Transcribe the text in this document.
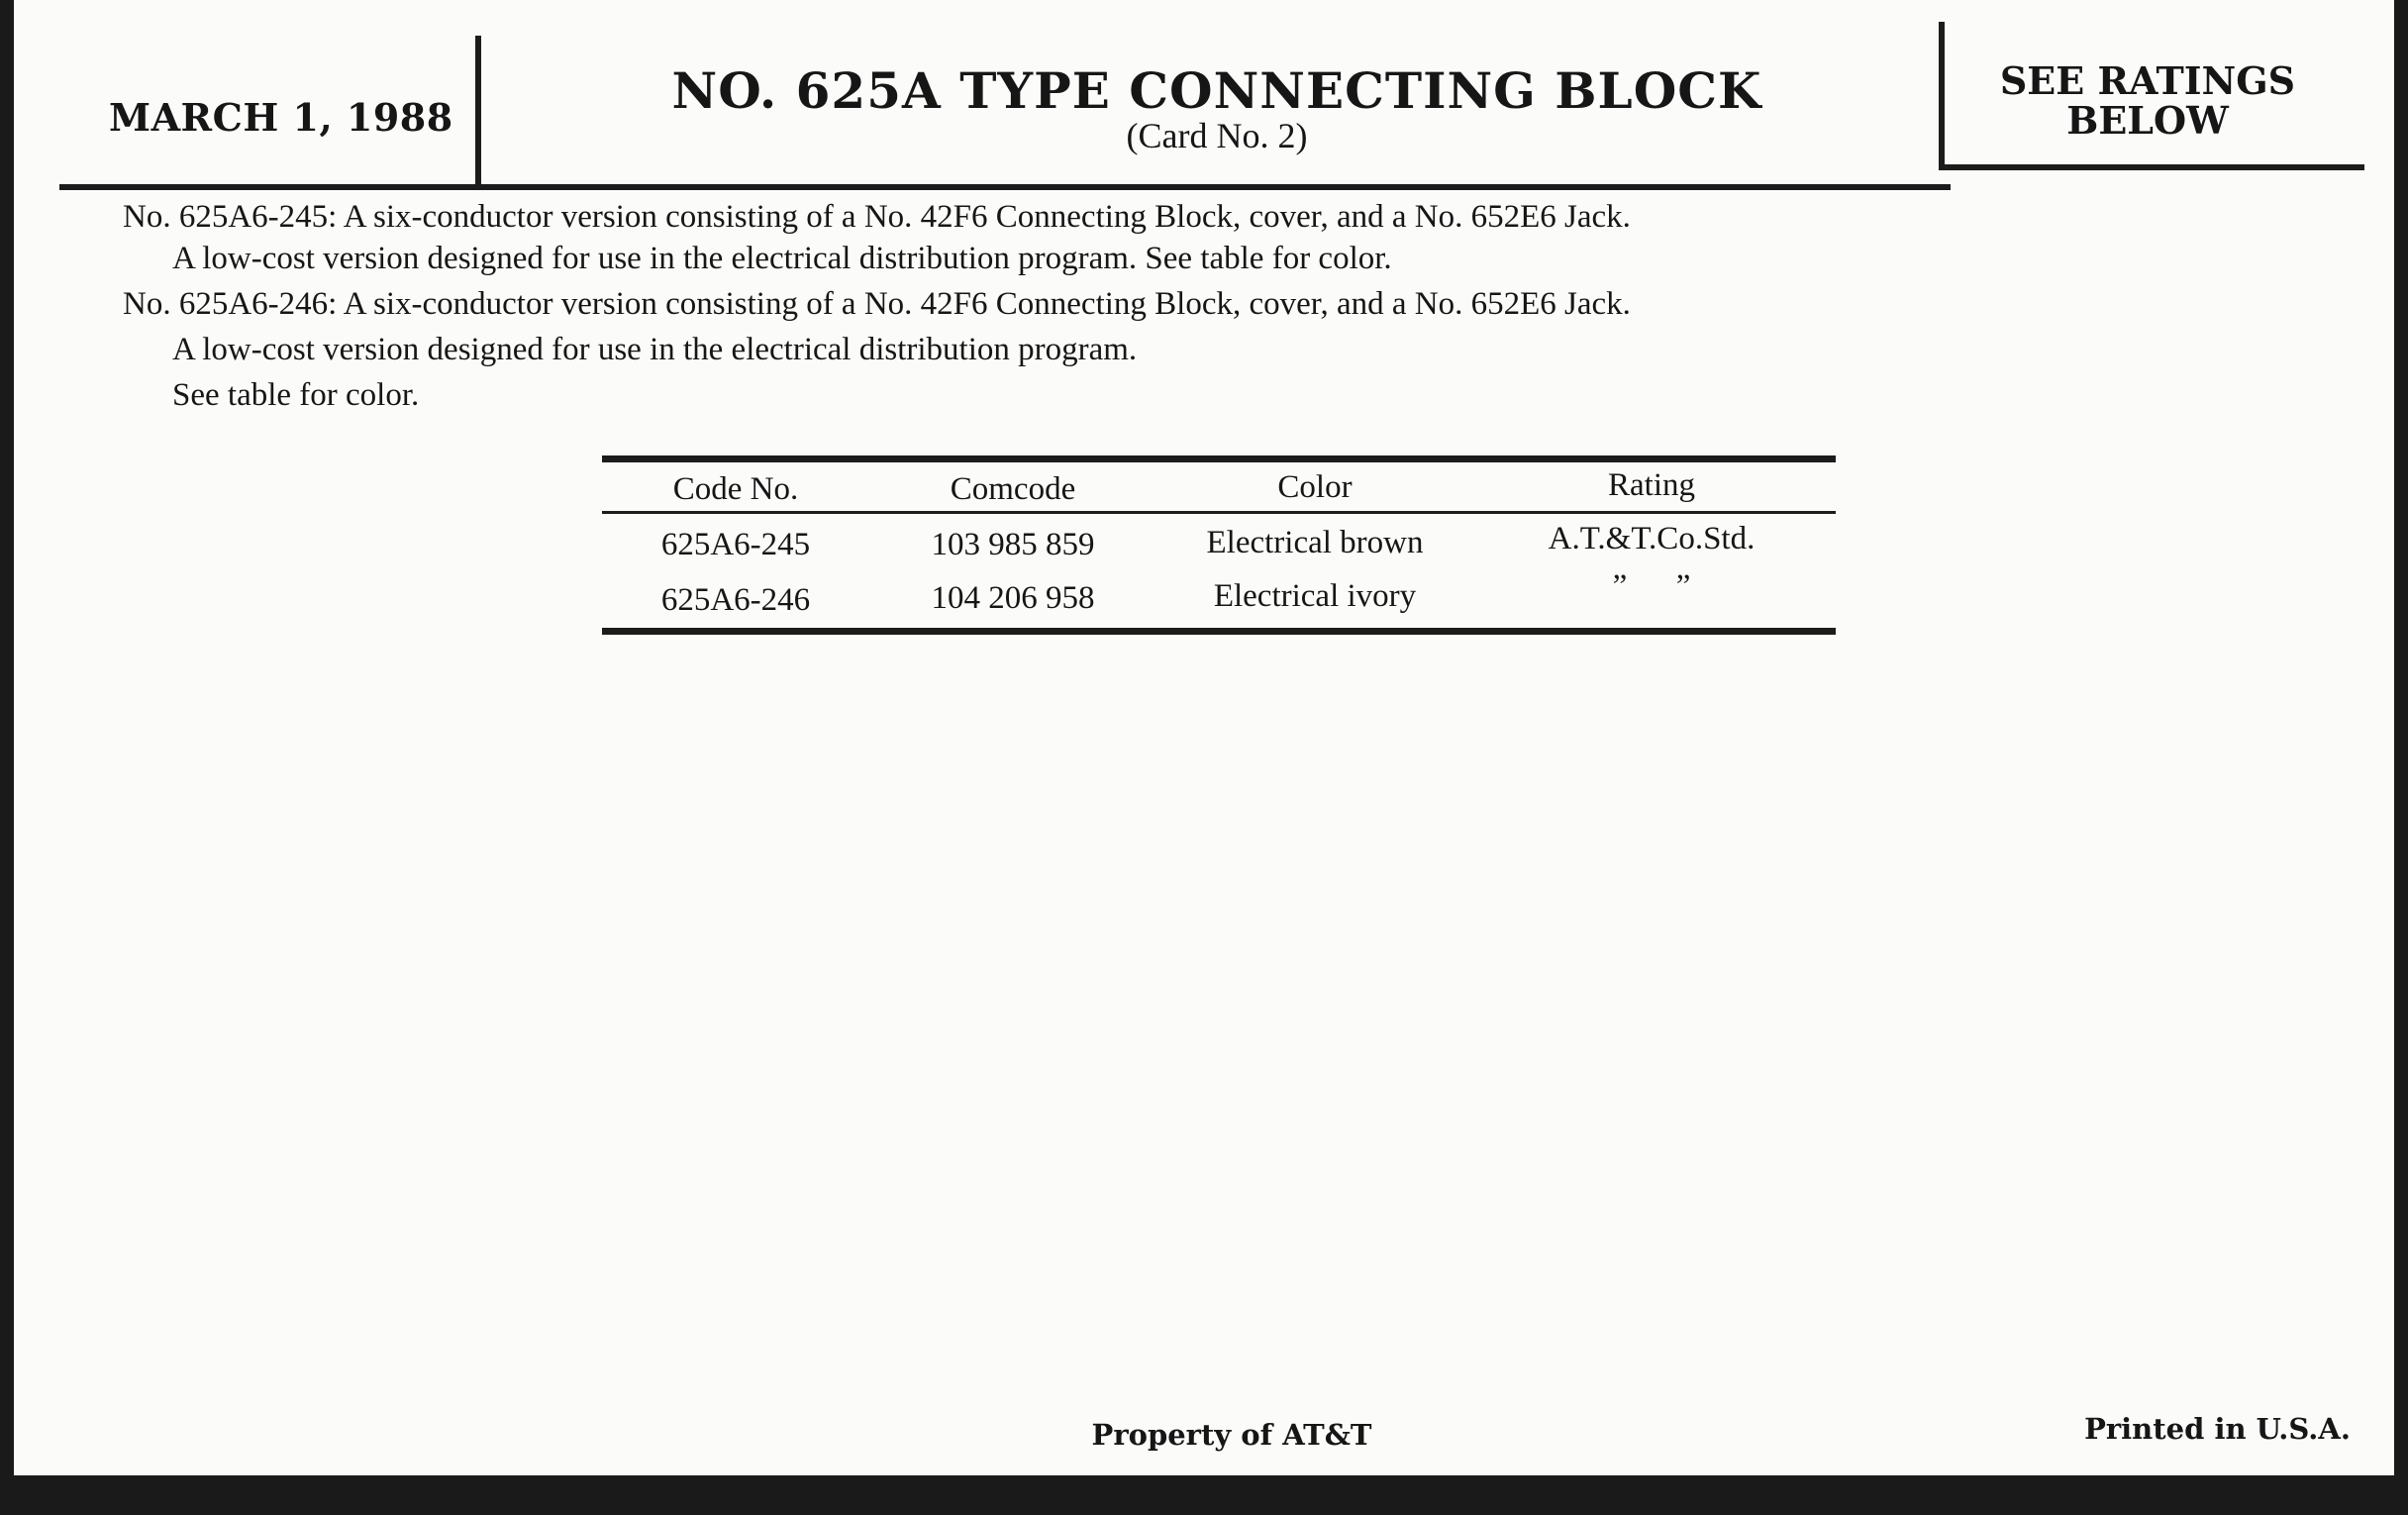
MARCH 1, 1988	NO. 625A TYPE CONNECTING BLOCK
(Card No. 2)
SEE RATINGS
BELOW
No. 625A6-245: A six-conductor version consisting of a No. 42F6 Connecting Block, cover, and a No. 652E6 Jack.
A low-cost version designed for use in the electrical distribution program. See table for color.
No. 625A6-246: A six-conductor version consisting of a No. 42F6 Connecting Block, cover, and a No. 652E6 Jack.
A low-cost version designed for use in the electrical distribution program.
See table for color.
Code No.	Comcode	Color	Rating
625A6-245	103 985 859	Electrical brown	A.T.&T.Co.Std.
625A6-246	104 206 958	Electrical ivory	”      ”
Property of AT&T	Printed in U.S.A.
